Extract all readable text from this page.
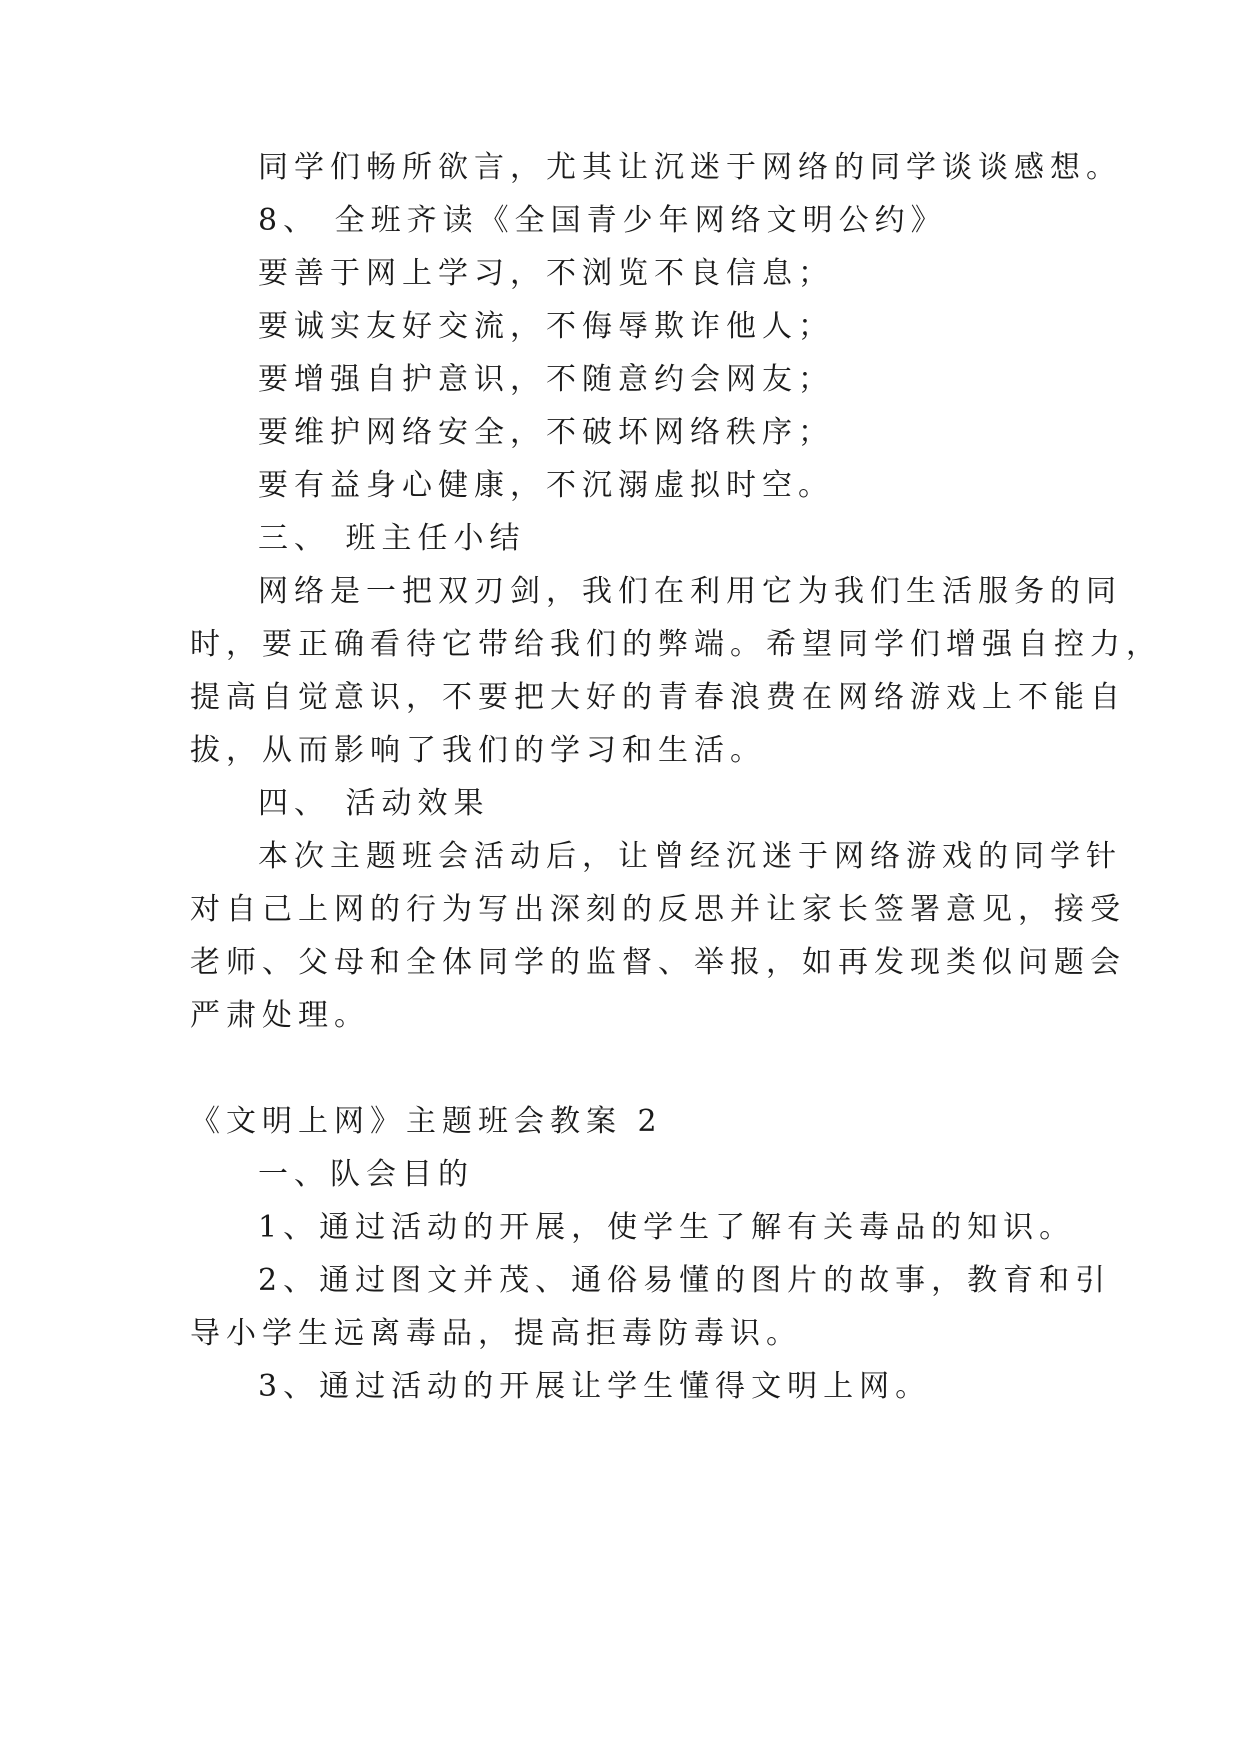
同学们畅所欲言，尤其让沉迷于网络的同学谈谈感想。
8、 全班齐读《全国青少年网络文明公约》
要善于网上学习，不浏览不良信息；
要诚实友好交流，不侮辱欺诈他人；
要增强自护意识，不随意约会网友；
要维护网络安全，不破坏网络秩序；
要有益身心健康，不沉溺虚拟时空。
三、 班主任小结
网络是一把双刃剑，我们在利用它为我们生活服务的同
时，要正确看待它带给我们的弊端。希望同学们增强自控力，
提高自觉意识，不要把大好的青春浪费在网络游戏上不能自
拔，从而影响了我们的学习和生活。
四、 活动效果
本次主题班会活动后，让曾经沉迷于网络游戏的同学针
对自己上网的行为写出深刻的反思并让家长签署意见，接受
老师、父母和全体同学的监督、举报，如再发现类似问题会
严肃处理。
《文明上网》主题班会教案 2
一、队会目的
1、通过活动的开展，使学生了解有关毒品的知识。
2、通过图文并茂、通俗易懂的图片的故事，教育和引
导小学生远离毒品，提高拒毒防毒识。
3、通过活动的开展让学生懂得文明上网。
